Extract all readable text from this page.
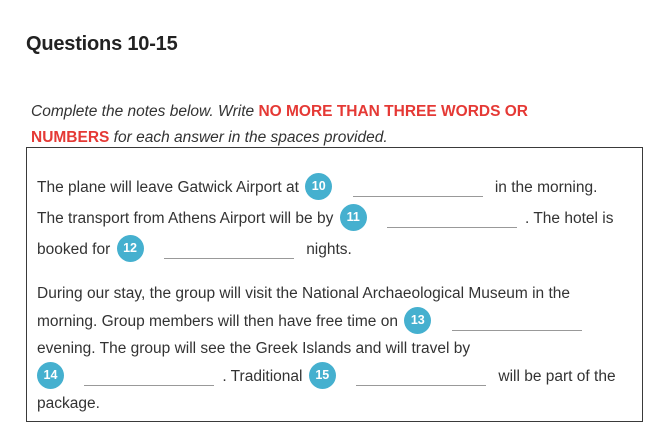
Questions 10-15
Complete the notes below. Write NO MORE THAN THREE WORDS OR
NUMBERS for each answer in the spaces provided.
The plane will leave Gatwick Airport at 10	in the morning.
The transport from Athens Airport will be by 11	. The hotel is
booked for 12	nights.
During our stay, the group will visit the National Archaeological Museum in the
morning. Group members will then have free time on 13
evening. The group will see the Greek Islands and will travel by
14	. Traditional 15	will be part of the
package.
